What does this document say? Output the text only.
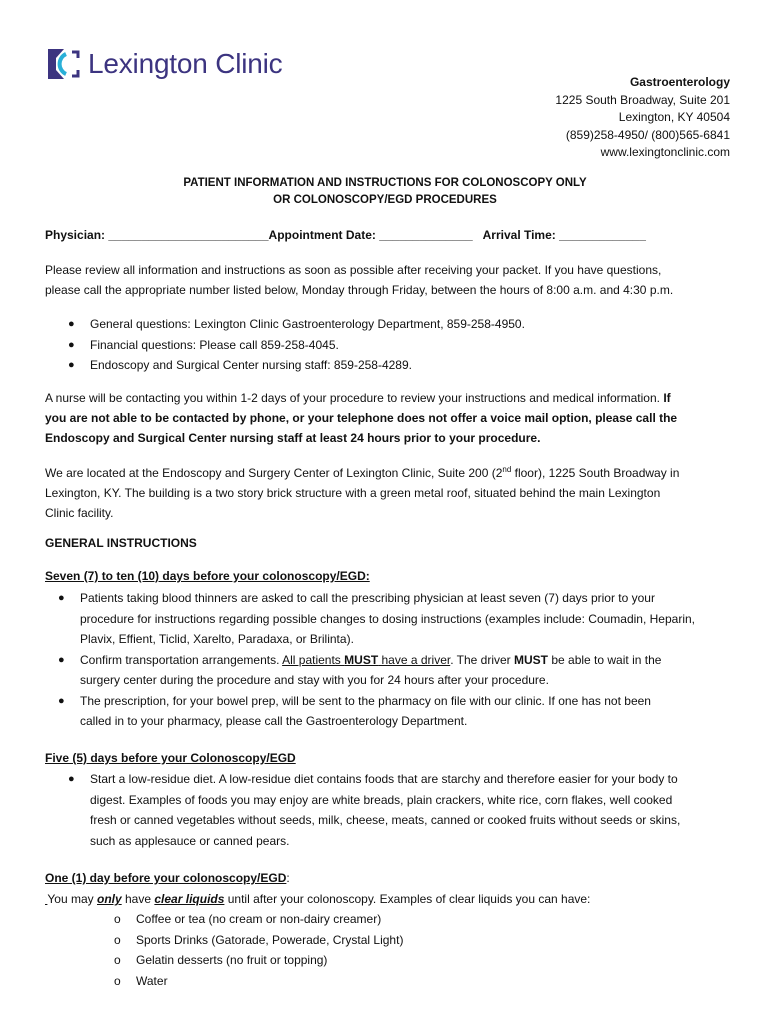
Lexington Clinic
Gastroenterology
1225 South Broadway, Suite 201
Lexington, KY 40504
(859)258-4950/ (800)565-6841
www.lexingtonclinic.com
PATIENT INFORMATION AND INSTRUCTIONS FOR COLONOSCOPY ONLY
OR COLONOSCOPY/EGD PROCEDURES
Physician: ________________________Appointment Date: ______________ Arrival Time: _____________
Please review all information and instructions as soon as possible after receiving your packet. If you have questions,
please call the appropriate number listed below, Monday through Friday, between the hours of 8:00 a.m. and 4:30 p.m.
● General questions: Lexington Clinic Gastroenterology Department, 859-258-4950.
● Financial questions: Please call 859-258-4045.
● Endoscopy and Surgical Center nursing staff: 859-258-4289.
A nurse will be contacting you within 1-2 days of your procedure to review your instructions and medical information. If
you are not able to be contacted by phone, or your telephone does not offer a voice mail option, please call the
Endoscopy and Surgical Center nursing staff at least 24 hours prior to your procedure.
We are located at the Endoscopy and Surgery Center of Lexington Clinic, Suite 200 (2nd floor), 1225 South Broadway in
Lexington, KY. The building is a two story brick structure with a green metal roof, situated behind the main Lexington
Clinic facility.
GENERAL INSTRUCTIONS
Seven (7) to ten (10) days before your colonoscopy/EGD:
● Patients taking blood thinners are asked to call the prescribing physician at least seven (7) days prior to your
procedure for instructions regarding possible changes to dosing instructions (examples include: Coumadin, Heparin,
Plavix, Effient, Ticlid, Xarelto, Paradaxa, or Brilinta).
● Confirm transportation arrangements. All patients MUST have a driver. The driver MUST be able to wait in the
surgery center during the procedure and stay with you for 24 hours after your procedure.
● The prescription, for your bowel prep, will be sent to the pharmacy on file with our clinic. If one has not been
called in to your pharmacy, please call the Gastroenterology Department.
Five (5) days before your Colonoscopy/EGD
● Start a low-residue diet. A low-residue diet contains foods that are starchy and therefore easier for your body to
digest. Examples of foods you may enjoy are white breads, plain crackers, white rice, corn flakes, well cooked
fresh or canned vegetables without seeds, milk, cheese, meats, canned or cooked fruits without seeds or skins,
such as applesauce or canned pears.
One (1) day before your colonoscopy/EGD:
 You may only have clear liquids until after your colonoscopy. Examples of clear liquids you can have:
o Coffee or tea (no cream or non-dairy creamer)
o Sports Drinks (Gatorade, Powerade, Crystal Light)
o Gelatin desserts (no fruit or topping)
o Water
